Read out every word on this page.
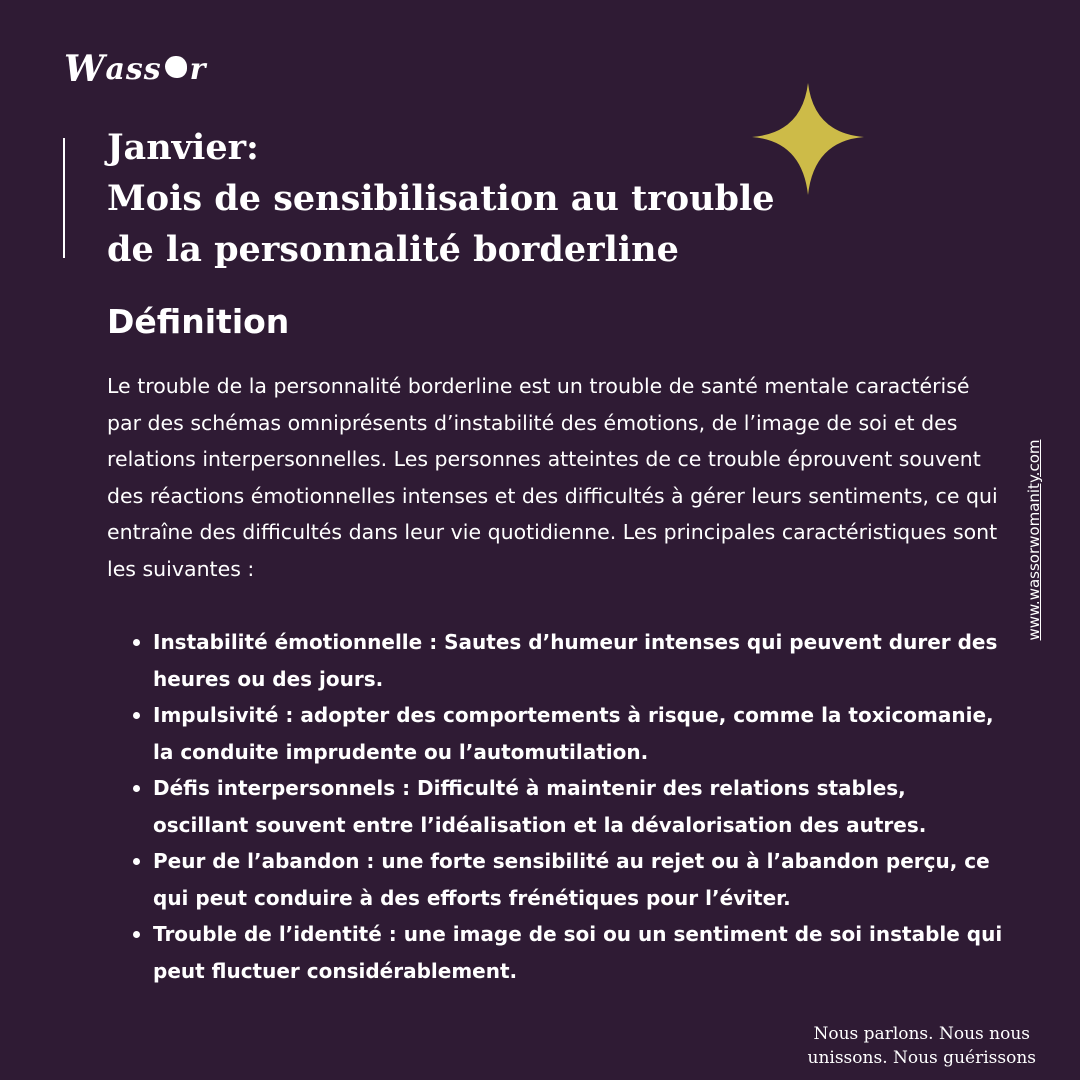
W ass r
Janvier:
Mois de sensibilisation au trouble
de la personnalité borderline
Définition

Le trouble de la personnalité borderline est un trouble de santé mentale caractérisé par des schémas omniprésents d’instabilité des émotions, de l’image de soi et des relations interpersonnelles. Les personnes atteintes de ce trouble éprouvent souvent des réactions émotionnelles intenses et des difficultés à gérer leurs sentiments, ce qui entraîne des difficultés dans leur vie quotidienne. Les principales caractéristiques sont les suivantes :

Instabilité émotionnelle : Sautes d’humeur intenses qui peuvent durer des heures ou des jours.
Impulsivité : adopter des comportements à risque, comme la toxicomanie, la conduite imprudente ou l’automutilation.
Défis interpersonnels : Difficulté à maintenir des relations stables, oscillant souvent entre l’idéalisation et la dévalorisation des autres.
Peur de l’abandon : une forte sensibilité au rejet ou à l’abandon perçu, ce qui peut conduire à des efforts frénétiques pour l’éviter.
Trouble de l’identité : une image de soi ou un sentiment de soi instable qui peut fluctuer considérablement.
www.wassorwomanity.com

Nous parlons. Nous nous
unissons. Nous guérissons
